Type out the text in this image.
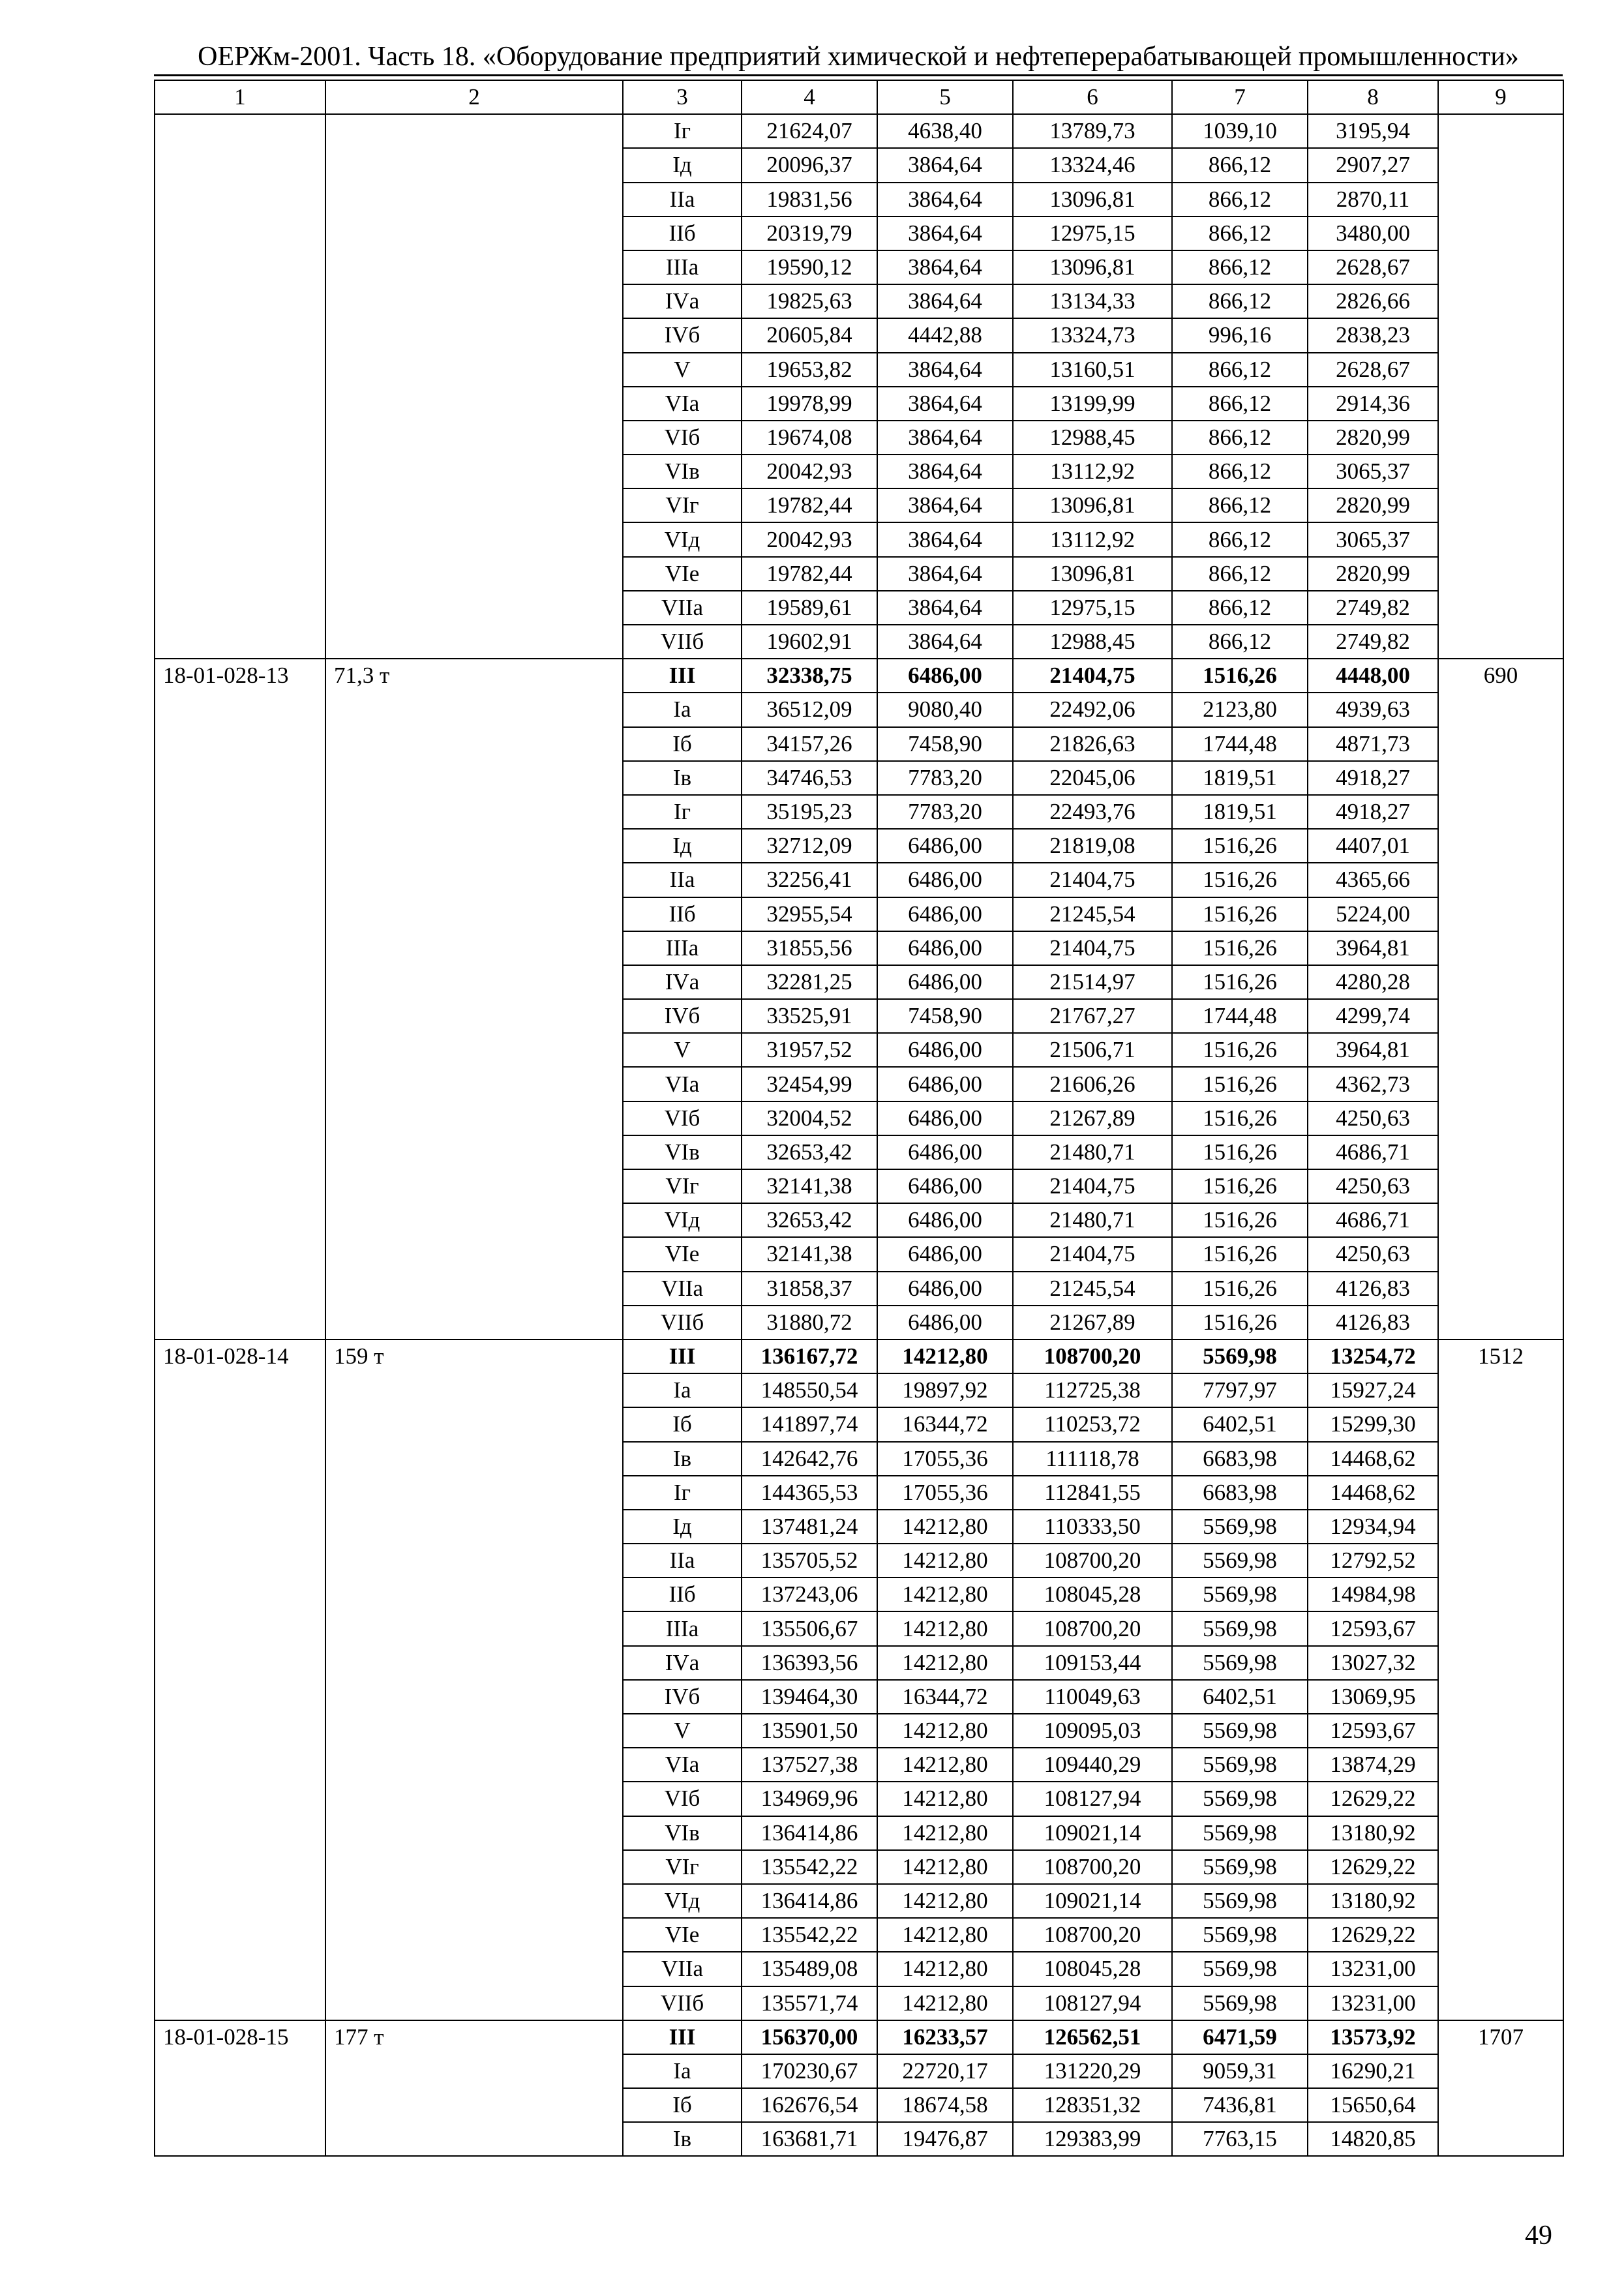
ОЕРЖм-2001. Часть 18. «Оборудование предприятий химической и нефтеперерабатывающей промышленности»
1	2	3	4	5	6	7	8	9
		Iг	21624,07	4638,40	13789,73	1039,10	3195,94	
		Iд	20096,37	3864,64	13324,46	866,12	2907,27	
		IIа	19831,56	3864,64	13096,81	866,12	2870,11	
		IIб	20319,79	3864,64	12975,15	866,12	3480,00	
		IIIа	19590,12	3864,64	13096,81	866,12	2628,67	
		IVа	19825,63	3864,64	13134,33	866,12	2826,66	
		IVб	20605,84	4442,88	13324,73	996,16	2838,23	
		V	19653,82	3864,64	13160,51	866,12	2628,67	
		VIа	19978,99	3864,64	13199,99	866,12	2914,36	
		VIб	19674,08	3864,64	12988,45	866,12	2820,99	
		VIв	20042,93	3864,64	13112,92	866,12	3065,37	
		VIг	19782,44	3864,64	13096,81	866,12	2820,99	
		VIд	20042,93	3864,64	13112,92	866,12	3065,37	
		VIе	19782,44	3864,64	13096,81	866,12	2820,99	
		VIIа	19589,61	3864,64	12975,15	866,12	2749,82	
		VIIб	19602,91	3864,64	12988,45	866,12	2749,82	
18-01-028-13	71,3 т	III	32338,75	6486,00	21404,75	1516,26	4448,00	690
		Iа	36512,09	9080,40	22492,06	2123,80	4939,63	
		Iб	34157,26	7458,90	21826,63	1744,48	4871,73	
		Iв	34746,53	7783,20	22045,06	1819,51	4918,27	
		Iг	35195,23	7783,20	22493,76	1819,51	4918,27	
		Iд	32712,09	6486,00	21819,08	1516,26	4407,01	
		IIа	32256,41	6486,00	21404,75	1516,26	4365,66	
		IIб	32955,54	6486,00	21245,54	1516,26	5224,00	
		IIIа	31855,56	6486,00	21404,75	1516,26	3964,81	
		IVа	32281,25	6486,00	21514,97	1516,26	4280,28	
		IVб	33525,91	7458,90	21767,27	1744,48	4299,74	
		V	31957,52	6486,00	21506,71	1516,26	3964,81	
		VIа	32454,99	6486,00	21606,26	1516,26	4362,73	
		VIб	32004,52	6486,00	21267,89	1516,26	4250,63	
		VIв	32653,42	6486,00	21480,71	1516,26	4686,71	
		VIг	32141,38	6486,00	21404,75	1516,26	4250,63	
		VIд	32653,42	6486,00	21480,71	1516,26	4686,71	
		VIе	32141,38	6486,00	21404,75	1516,26	4250,63	
		VIIа	31858,37	6486,00	21245,54	1516,26	4126,83	
		VIIб	31880,72	6486,00	21267,89	1516,26	4126,83	
18-01-028-14	159 т	III	136167,72	14212,80	108700,20	5569,98	13254,72	1512
		Iа	148550,54	19897,92	112725,38	7797,97	15927,24	
		Iб	141897,74	16344,72	110253,72	6402,51	15299,30	
		Iв	142642,76	17055,36	111118,78	6683,98	14468,62	
		Iг	144365,53	17055,36	112841,55	6683,98	14468,62	
		Iд	137481,24	14212,80	110333,50	5569,98	12934,94	
		IIа	135705,52	14212,80	108700,20	5569,98	12792,52	
		IIб	137243,06	14212,80	108045,28	5569,98	14984,98	
		IIIа	135506,67	14212,80	108700,20	5569,98	12593,67	
		IVа	136393,56	14212,80	109153,44	5569,98	13027,32	
		IVб	139464,30	16344,72	110049,63	6402,51	13069,95	
		V	135901,50	14212,80	109095,03	5569,98	12593,67	
		VIа	137527,38	14212,80	109440,29	5569,98	13874,29	
		VIб	134969,96	14212,80	108127,94	5569,98	12629,22	
		VIв	136414,86	14212,80	109021,14	5569,98	13180,92	
		VIг	135542,22	14212,80	108700,20	5569,98	12629,22	
		VIд	136414,86	14212,80	109021,14	5569,98	13180,92	
		VIе	135542,22	14212,80	108700,20	5569,98	12629,22	
		VIIа	135489,08	14212,80	108045,28	5569,98	13231,00	
		VIIб	135571,74	14212,80	108127,94	5569,98	13231,00	
18-01-028-15	177 т	III	156370,00	16233,57	126562,51	6471,59	13573,92	1707
		Iа	170230,67	22720,17	131220,29	9059,31	16290,21	
		Iб	162676,54	18674,58	128351,32	7436,81	15650,64	
		Iв	163681,71	19476,87	129383,99	7763,15	14820,85	
49
